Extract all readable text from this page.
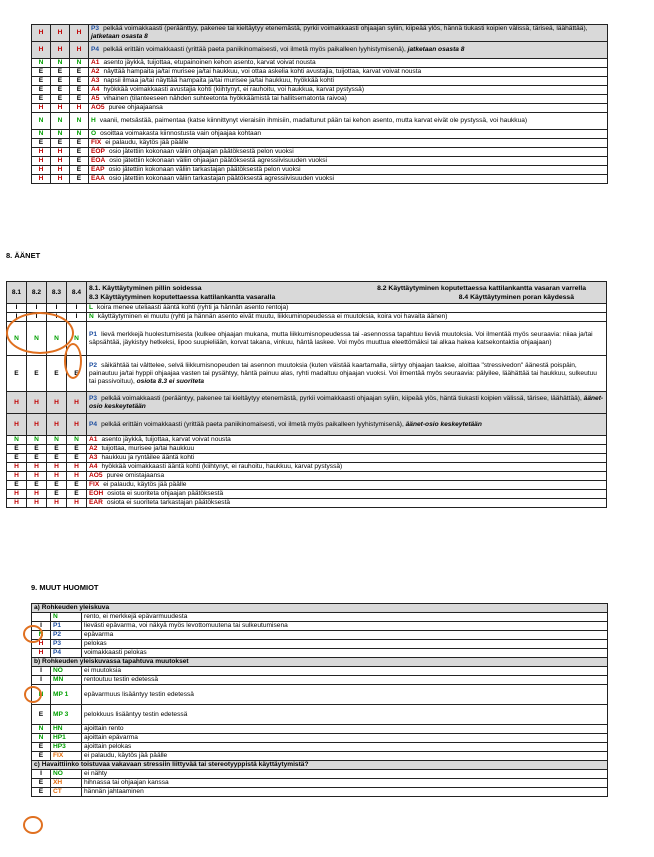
H	H	H	P3 pelkää voimakkaasti (peräänttyy, pakenee tai kieltäytyy etenemästä, pyrkii voimakkaasti ohjaajan syliin, kiipeää ylös, hännä tiukasti koipien välissä, täriseä, läähättää), jatketaan osasta 8
H	H	H	P4 pelkää erittäin voimakkaasti (yrittää paeta paniikinomaisesti, voi ilmetä myös paikalleen lyyhistymisenä), jatketaan osasta 8
N	N	N	A1 asento jäykkä, tuijottaa, etupainoinen kehon asento, karvat voivat nousta
E	E	E	A2 näyttää hampaita ja/tai murisee ja/tai haukkuu, voi ottaa askelia kohti avustajia, tuijottaa, karvat voivat nousta
E	E	E	A3 napsii ilmaa ja/tai näyttää hampaita ja/tai murisee ja/tai haukkuu, hyökkää kohti
E	E	E	A4 hyökkää voimakkaasti avustajia kohti (kiihtynyt, ei rauhoitu, voi haukkua, karvat pystyssä)
E	E	E	A5 vihainen (tilanteeseen nähden suhteetonta hyökkäämistä tai hallitsematonta raivoa)
H	H	H	AO5 puree ohjaajaansa
N	N	N	H vaanii, metsästää, paimentaa (katse kiinnittynyt vieraisiin ihmisiin, madaltunut pään tai kehon asento, mutta karvat eivät ole pystyssä, voi haukkua)
N	N	N	O osoittaa voimakasta kiinnostusta vain ohjaajaa kohtaan
E	E	E	FIX ei palaudu, käytös jää päälle
H	H	E	EOP osio jätettiin kokonaan väliin ohjaajan päätöksestä pelon vuoksi
H	H	E	EOA osio jätettiin kokonaan väliin ohjaajan päätöksestä agressiivisuuden vuoksi
H	H	E	EAP osio jätettiin kokonaan väliin tarkastajan päätöksestä pelon vuoksi
H	H	E	EAA osio jätettiin kokonaan väliin tarkastajan päätöksestä agressiivisuuden vuoksi
8. ÄÄNET
8.1	8.2	8.3	8.4	8.1. Käyttäytyminen pillin soidessa 8.2 Käyttäytyminen koputettaessa kattilankantta vasaran varrella
8.3 Käyttäytyminen koputettaessa kattilankantta vasaralla 8.4 Käyttäytyminen poran käydessä

I	I	I	I	L koira menee uteliaasti ääntä kohti (ryhti ja hännän asento rentoja)
I	I	I	I	N käyttäytyminen ei muutu (ryhti ja hännän asento eivät muutu, liikkuminopeudessa ei muutoksia, koira voi havaita äänen)
N	N	N	N	P1 lievä merkkejä huolestumisesta (kulkee ohjaajan mukana, mutta liikkumisnopeudessa tai -asennossa tapahtuu lieviä muutoksia. Voi ilmentää myös seuraavia: niiaa ja/tai säpsähtää, jäykistyy hetkeksi, lipoo suupieliään, korvat takana, vinkuu, häntä laskee. Voi myös muuttua eleettömäksi tai alkaa hakea katsekontaktia ohjaajaan)
E	E	E	E	P2 säikähtää tai välttelee, selvä liikkumisnopeuden tai asennon muutoksia (kuten väistää kaartamalla, siirtyy ohjaajan taakse, aloittaa "stressivedon" äänestä poispäin, painautuu ja/tai hyppii ohjaajaa vasten tai pysähtyy, häntä painuu alas, ryhti madaltuu ohjaajan vuoksi. Voi ilmentää myös seuraavia: pälyilee, läähättää tai haukkuu, sulkeutuu tai passivoituu), osiota 8.3 ei suoriteta
H	H	H	H	P3 pelkää voimakkaasti (perääntyy, pakenee tai kieltäytyy etenemästä, pyrkii voimakkaasti ohjaajan syliin, kiipeää ylös, häntä tiukasti koipien välissä, tärisee, läähättää), äänet-osio keskeytetään
H	H	H	H	P4 pelkää erittäin voimakkaasti (yrittää paeta paniikinomaisesti, voi ilmetä myös paikalleen lyyhistymisenä), äänet-osio keskeytetään
N	N	N	N	A1 asento jäykkä, tuijottaa, karvat voivat nousta
E	E	E	E	A2 tuijottaa, murisee ja/tai haukkuu
E	E	E	E	A3 haukkuu ja ryntäilee ääntä kohti
H	H	H	H	A4 hyökkää voimakkaasti ääntä kohti (kiihtynyt, ei rauhoitu, haukkuu, karvat pystyssä)
H	H	H	H	AO5 puree omistajaansa
E	E	E	E	FIX ei palaudu, käytös jää päälle
H	H	E	E	EOH osiota ei suoriteta ohjaajan päätöksestä
H	H	H	H	EAR osiota ei suoriteta tarkastajan päätöksestä
9. MUUT HUOMIOT
a) Rohkeuden yleiskuva		
	N	rento, ei merkkejä epävarmuudesta
I	P1	lievästi epävarma, voi näkyä myös levottomuutena tai sulkeutumisena
N	P2	epävarma
H	P3	pelokas
H	P4	voimakkaasti pelokas
b) Rohkeuden yleiskuvassa tapahtuva muutokset		
I	NO	ei muutoksia
I	MN	rentoutuu testin edetessä
N	MP 1	epävarmuus lisääntyy testin edetessä
E	MP 3	pelokkuus lisääntyy testin edetessä
N	HN	ajoittain rento
N	HP1	ajoittain epävarma
E	HP3	ajoittain pelokas
E	FIX	ei palaudu, käytös jää päälle
c) Havaittiinko toistuvaa vakavaan stressiin liittyvää tai stereotyyppistä käyttäytymistä?		
I	NO	ei nähty
E	XH	hihnassa tai ohjaajan kanssa
E	CT	hännän jahtaaminen
